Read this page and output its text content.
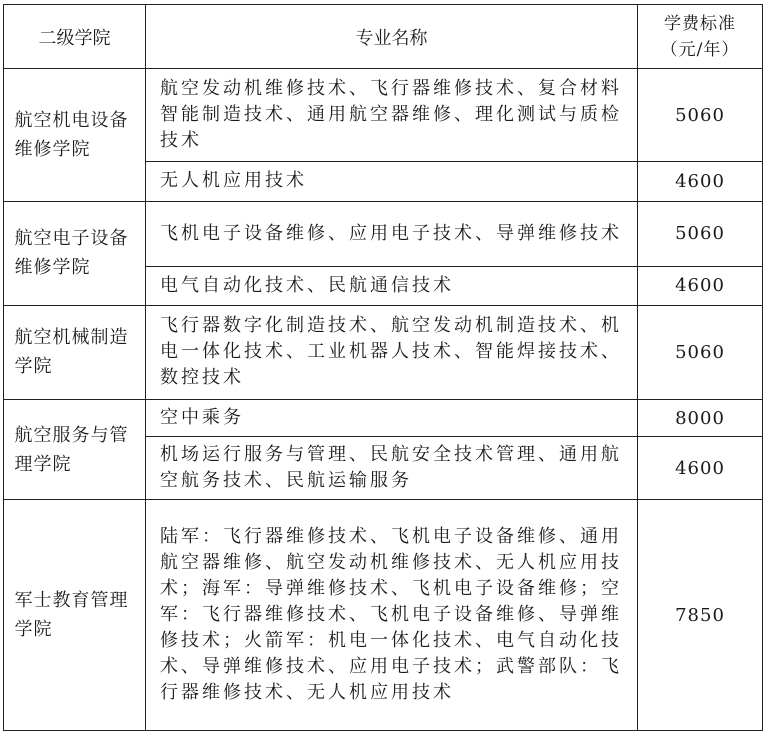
二级学院	专业名称	学费标准
（元/年）

航空机电设备维修学院	航空发动机维修技术、飞行器维修技术、复合材料智能制造技术、通用航空器维修、理化测试与质检技术	5060

	无人机应用技术	4600
航空电子设备维修学院	飞机电子设备维修、应用电子技术、导弹维修技术	5060

	电气自动化技术、民航通信技术	4600
航空机械制造学院	飞行器数字化制造技术、航空发动机制造技术、机电一体化技术、工业机器人技术、智能焊接技术、数控技术	5060
航空服务与管理学院	空中乘务	8000

	机场运行服务与管理、民航安全技术管理、通用航空航务技术、民航运输服务	4600
军士教育管理学院	陆军：飞行器维修技术、飞机电子设备维修、通用航空器维修、航空发动机维修技术、无人机应用技术；海军：导弹维修技术、飞机电子设备维修；空军：飞行器维修技术、飞机电子设备维修、导弹维修技术；火箭军：机电一体化技术、电气自动化技术、导弹维修技术、应用电子技术；武警部队：飞行器维修技术、无人机应用技术	7850
